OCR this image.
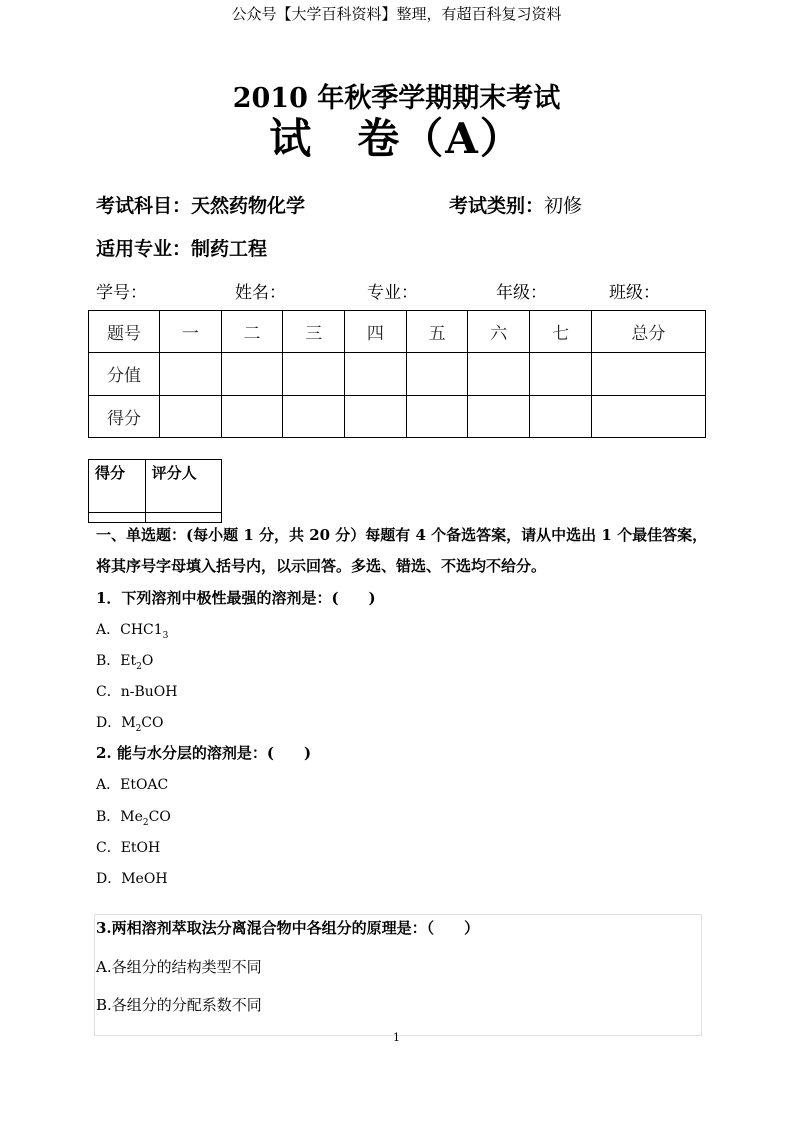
公众号【大学百科资料】整理，有超百科复习资料
2010 年秋季学期期末考试
试　卷（A）
考试科目：天然药物化学	考试类别：初修
适用专业：制药工程
学号：	姓名：	专业：	年级：	班级：
题号	一	二	三	四	五	六	七	总分
分值								
得分								
得分	评分人

一、单选题：(每小题 1 分，共 20 分）每题有 4 个备选答案，请从中选出 1 个最佳答案，
将其序号字母填入括号内，以示回答。多选、错选、不选均不给分。
1．下列溶剂中极性最强的溶剂是：(　　)
A．$CHC1_3$
B．$Et_2O$
C．n-BuOH
D．$M_2CO$
2. 能与水分层的溶剂是：(　　)
A．EtOAC
B．$Me_2CO$
C．EtOH
D．MeOH
3.两相溶剂萃取法分离混合物中各组分的原理是：（　　）
A.各组分的结构类型不同
B.各组分的分配系数不同
1
